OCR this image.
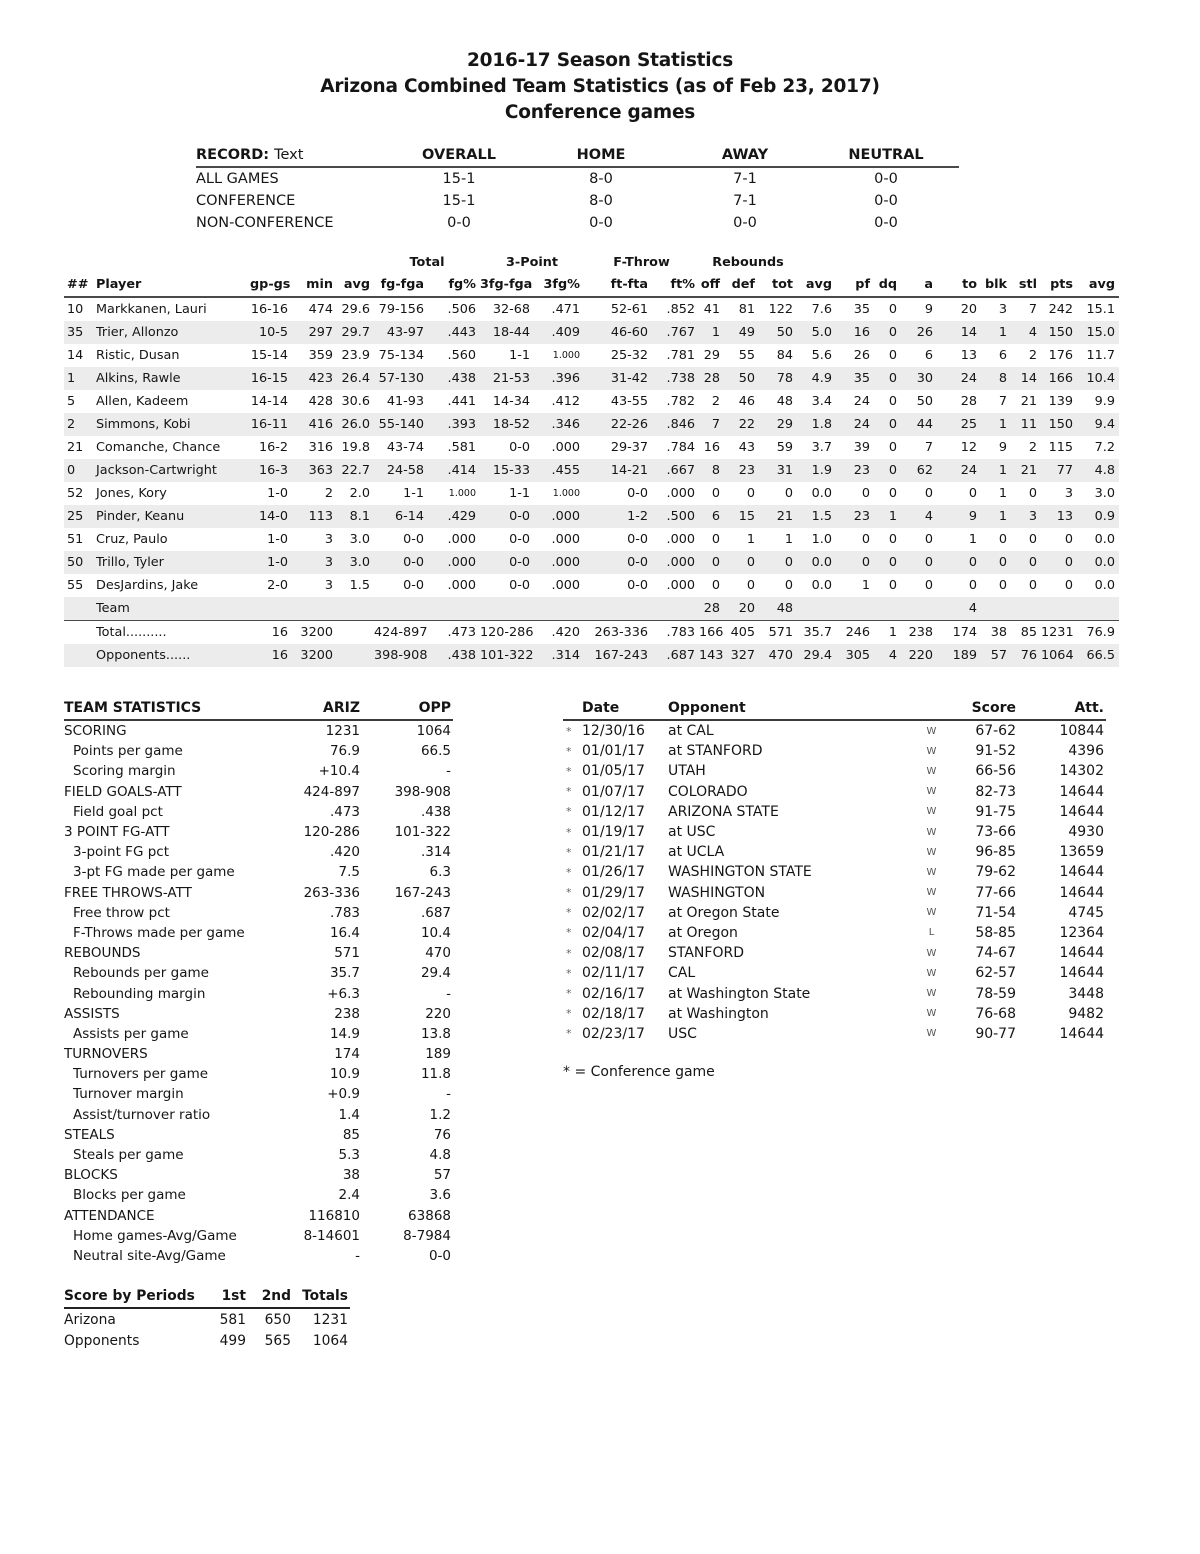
2016-17 Season Statistics
Arizona Combined Team Statistics (as of Feb 23, 2017)
Conference games
RECORD: Text	OVERALL	HOME	AWAY	NEUTRAL
ALL GAMES	15-1	8-0	7-1	0-0
CONFERENCE	15-1	8-0	7-1	0-0
NON-CONFERENCE	0-0	0-0	0-0	0-0
					Total		3-Point		F-Throw		Rebounds											
##	Player	gp-gs	min	avg	fg-fga	fg%	3fg-fga	3fg%	ft-fta	ft%	off	def	tot	avg	pf	dq	a	to	blk	stl	pts	avg
10	Markkanen, Lauri	16-16	474	29.6	79-156	.506	32-68	.471	52-61	.852	41	81	122	7.6	35	0	9	20	3	7	242	15.1
35	Trier, Allonzo	10-5	297	29.7	43-97	.443	18-44	.409	46-60	.767	1	49	50	5.0	16	0	26	14	1	4	150	15.0
14	Ristic, Dusan	15-14	359	23.9	75-134	.560	1-1	1.000	25-32	.781	29	55	84	5.6	26	0	6	13	6	2	176	11.7
1	Alkins, Rawle	16-15	423	26.4	57-130	.438	21-53	.396	31-42	.738	28	50	78	4.9	35	0	30	24	8	14	166	10.4
5	Allen, Kadeem	14-14	428	30.6	41-93	.441	14-34	.412	43-55	.782	2	46	48	3.4	24	0	50	28	7	21	139	9.9
2	Simmons, Kobi	16-11	416	26.0	55-140	.393	18-52	.346	22-26	.846	7	22	29	1.8	24	0	44	25	1	11	150	9.4
21	Comanche, Chance	16-2	316	19.8	43-74	.581	0-0	.000	29-37	.784	16	43	59	3.7	39	0	7	12	9	2	115	7.2
0	Jackson-Cartwright	16-3	363	22.7	24-58	.414	15-33	.455	14-21	.667	8	23	31	1.9	23	0	62	24	1	21	77	4.8
52	Jones, Kory	1-0	2	2.0	1-1	1.000	1-1	1.000	0-0	.000	0	0	0	0.0	0	0	0	0	1	0	3	3.0
25	Pinder, Keanu	14-0	113	8.1	6-14	.429	0-0	.000	1-2	.500	6	15	21	1.5	23	1	4	9	1	3	13	0.9
51	Cruz, Paulo	1-0	3	3.0	0-0	.000	0-0	.000	0-0	.000	0	1	1	1.0	0	0	0	1	0	0	0	0.0
50	Trillo, Tyler	1-0	3	3.0	0-0	.000	0-0	.000	0-0	.000	0	0	0	0.0	0	0	0	0	0	0	0	0.0
55	DesJardins, Jake	2-0	3	1.5	0-0	.000	0-0	.000	0-0	.000	0	0	0	0.0	1	0	0	0	0	0	0	0.0
	Team										28	20	48					4				
	Total..........	16	3200		424-897	.473	120-286	.420	263-336	.783	166	405	571	35.7	246	1	238	174	38	85	1231	76.9
	Opponents......	16	3200		398-908	.438	101-322	.314	167-243	.687	143	327	470	29.4	305	4	220	189	57	76	1064	66.5
TEAM STATISTICS	ARIZ	OPP
SCORING	1231	1064
Points per game	76.9	66.5
Scoring margin	+10.4	-
FIELD GOALS-ATT	424-897	398-908
Field goal pct	.473	.438
3 POINT FG-ATT	120-286	101-322
3-point FG pct	.420	.314
3-pt FG made per game	7.5	6.3
FREE THROWS-ATT	263-336	167-243
Free throw pct	.783	.687
F-Throws made per game	16.4	10.4
REBOUNDS	571	470
Rebounds per game	35.7	29.4
Rebounding margin	+6.3	-
ASSISTS	238	220
Assists per game	14.9	13.8
TURNOVERS	174	189
Turnovers per game	10.9	11.8
Turnover margin	+0.9	-
Assist/turnover ratio	1.4	1.2
STEALS	85	76
Steals per game	5.3	4.8
BLOCKS	38	57
Blocks per game	2.4	3.6
ATTENDANCE	116810	63868
Home games-Avg/Game	8-14601	8-7984
Neutral site-Avg/Game	-	0-0
	Date	Opponent		Score	Att.
*	12/30/16	at CAL	W	67-62	10844
*	01/01/17	at STANFORD	W	91-52	4396
*	01/05/17	UTAH	W	66-56	14302
*	01/07/17	COLORADO	W	82-73	14644
*	01/12/17	ARIZONA STATE	W	91-75	14644
*	01/19/17	at USC	W	73-66	4930
*	01/21/17	at UCLA	W	96-85	13659
*	01/26/17	WASHINGTON STATE	W	79-62	14644
*	01/29/17	WASHINGTON	W	77-66	14644
*	02/02/17	at Oregon State	W	71-54	4745
*	02/04/17	at Oregon	L	58-85	12364
*	02/08/17	STANFORD	W	74-67	14644
*	02/11/17	CAL	W	62-57	14644
*	02/16/17	at Washington State	W	78-59	3448
*	02/18/17	at Washington	W	76-68	9482
*	02/23/17	USC	W	90-77	14644
* = Conference game
Score by Periods	1st	2nd	Totals
Arizona	581	650	1231
Opponents	499	565	1064
